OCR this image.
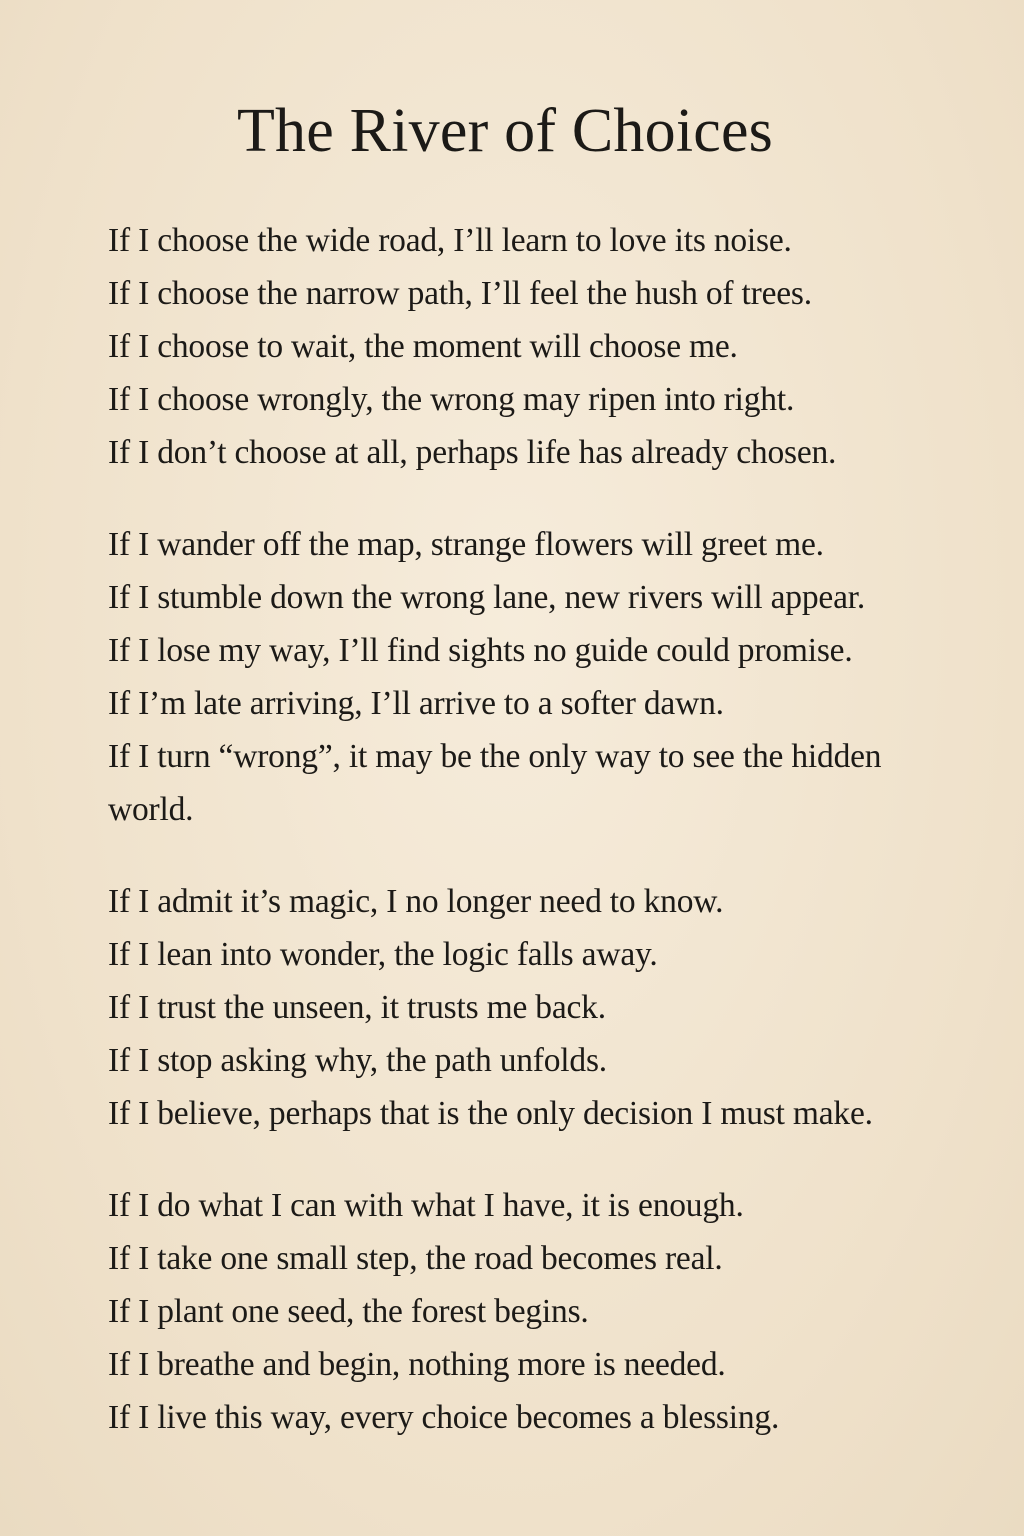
The River of Choices
If I choose the wide road, I’ll learn to love its noise.
If I choose the narrow path, I’ll feel the hush of trees.
If I choose to wait, the moment will choose me.
If I choose wrongly, the wrong may ripen into right.
If I don’t choose at all, perhaps life has already chosen.
If I wander off the map, strange flowers will greet me.
If I stumble down the wrong lane, new rivers will appear.
If I lose my way, I’ll find sights no guide could promise.
If I’m late arriving, I’ll arrive to a softer dawn.
If I turn “wrong”, it may be the only way to see the hidden world.
If I admit it’s magic, I no longer need to know.
If I lean into wonder, the logic falls away.
If I trust the unseen, it trusts me back.
If I stop asking why, the path unfolds.
If I believe, perhaps that is the only decision I must make.
If I do what I can with what I have, it is enough.
If I take one small step, the road becomes real.
If I plant one seed, the forest begins.
If I breathe and begin, nothing more is needed.
If I live this way, every choice becomes a blessing.
